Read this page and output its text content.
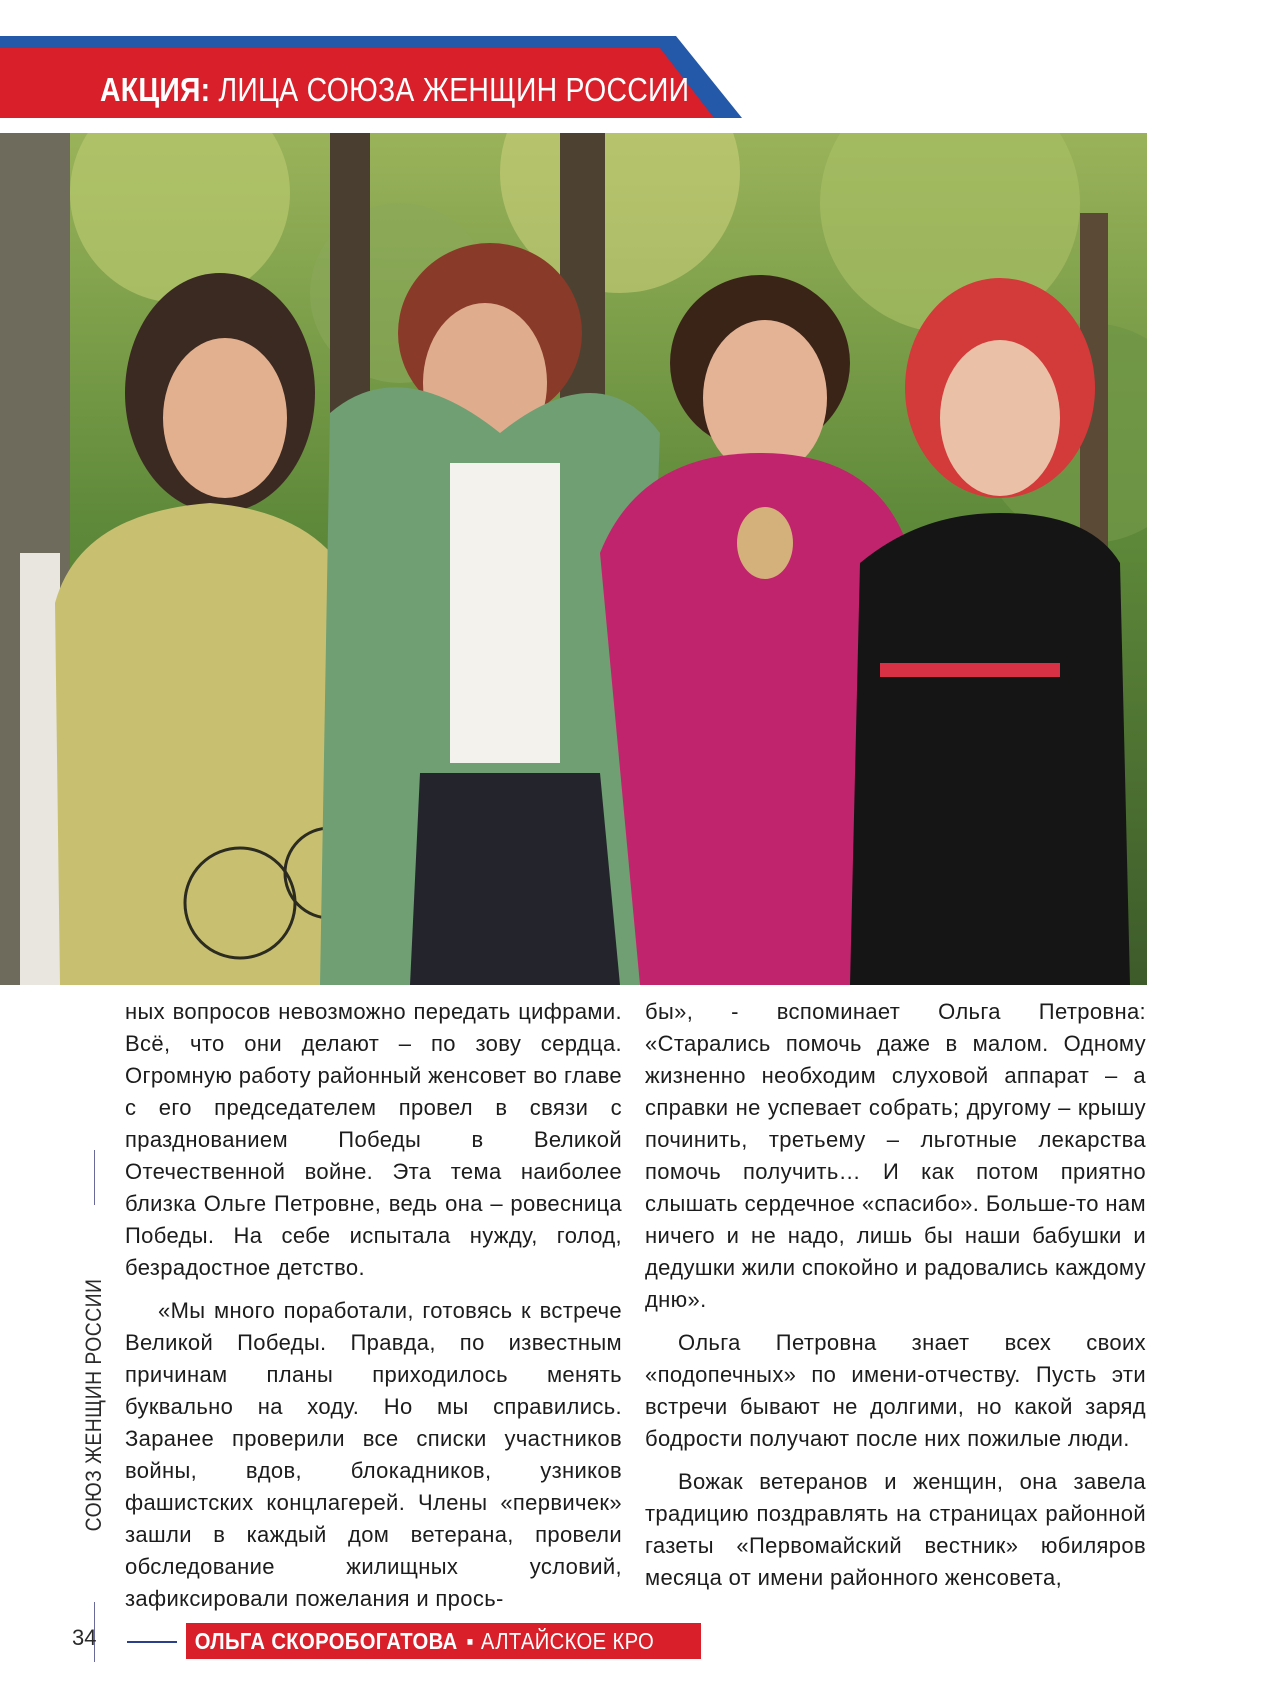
АКЦИЯ: ЛИЦА СОЮЗА ЖЕНЩИН РОССИИ

ных вопросов невозможно передать цифрами. Всё, что они делают – по зову сердца. Огромную работу районный женсовет во главе с его председателем провел в связи с празднованием Победы в Великой Отечественной войне. Эта тема наиболее близка Ольге Петровне, ведь она – ровесница Победы. На себе испытала нужду, голод, безрадостное детство.

«Мы много поработали, готовясь к встрече Великой Победы. Правда, по известным причинам планы приходилось менять буквально на ходу. Но мы справились. Заранее проверили все списки участников войны, вдов, блокадников, узников фашистских концлагерей. Члены «первичек» зашли в каждый дом ветерана, провели обследование жилищных условий, зафиксировали пожелания и прось-

бы», - вспоминает Ольга Петровна: «Старались помочь даже в малом. Одному жизненно необходим слуховой аппарат – а справки не успевает собрать; другому – крышу починить, третьему – льготные лекарства помочь получить… И как потом приятно слышать сердечное «спасибо». Больше-то нам ничего и не надо, лишь бы наши бабушки и дедушки жили спокойно и радовались каждому дню».

Ольга Петровна знает всех своих «подопечных» по имени-отчеству. Пусть эти встречи бывают не долгими, но какой заряд бодрости получают после них пожилые люди.

Вожак ветеранов и женщин, она завела традицию поздравлять на страницах районной газеты «Первомайский вестник» юбиляров месяца от имени районного женсовета,

СОЮЗ ЖЕНЩИН РОССИИ
34	ОЛЬГА СКОРОБОГАТОВА ▪ АЛТАЙСКОЕ КРО
